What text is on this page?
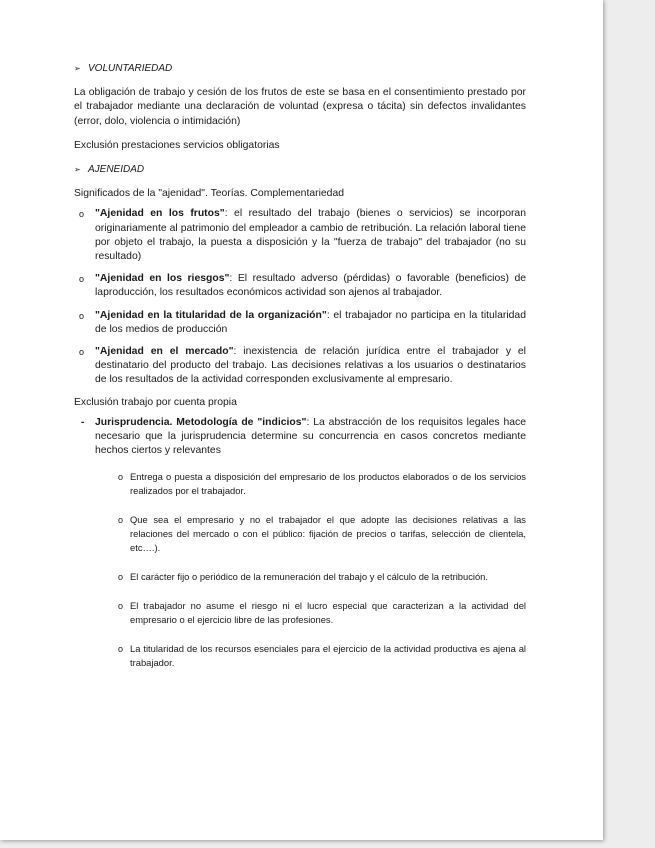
➢ VOLUNTARIEDAD

La obligación de trabajo y cesión de los frutos de este se basa en el consentimiento prestado por el trabajador mediante una declaración de voluntad (expresa o tácita) sin defectos invalidantes (error, dolo, violencia o intimidación)

Exclusión prestaciones servicios obligatorias

➢ AJENEIDAD

Significados de la "ajenidad". Teorías. Complementariedad

o "Ajenidad en los frutos": el resultado del trabajo (bienes o servicios) se incorporan originariamente al patrimonio del empleador a cambio de retribución. La relación laboral tiene por objeto el trabajo, la puesta a disposición y la "fuerza de trabajo" del trabajador (no su resultado)
o "Ajenidad en los riesgos": El resultado adverso (pérdidas) o favorable (beneficios) de laproducción, los resultados económicos actividad son ajenos al trabajador.
o "Ajenidad en la titularidad de la organización": el trabajador no participa en la titularidad de los medios de producción
o "Ajenidad en el mercado": inexistencia de relación jurídica entre el trabajador y el destinatario del producto del trabajo. Las decisiones relativas a los usuarios o destinatarios de los resultados de la actividad corresponden exclusivamente al empresario.

Exclusión trabajo por cuenta propia

- Jurisprudencia. Metodología de "indicios": La abstracción de los requisitos legales hace necesario que la jurisprudencia determine su concurrencia en casos concretos mediante hechos ciertos y relevantes
o Entrega o puesta a disposición del empresario de los productos elaborados o de los servicios realizados por el trabajador.
o Que sea el empresario y no el trabajador el que adopte las decisiones relativas a las relaciones del mercado o con el público: fijación de precios o tarifas, selección de clientela, etc….).
o El carácter fijo o periódico de la remuneración del trabajo y el cálculo de la retribución.
o El trabajador no asume el riesgo ni el lucro especial que caracterizan a la actividad del empresario o el ejercicio libre de las profesiones.
o La titularidad de los recursos esenciales para el ejercicio de la actividad productiva es ajena al trabajador.
